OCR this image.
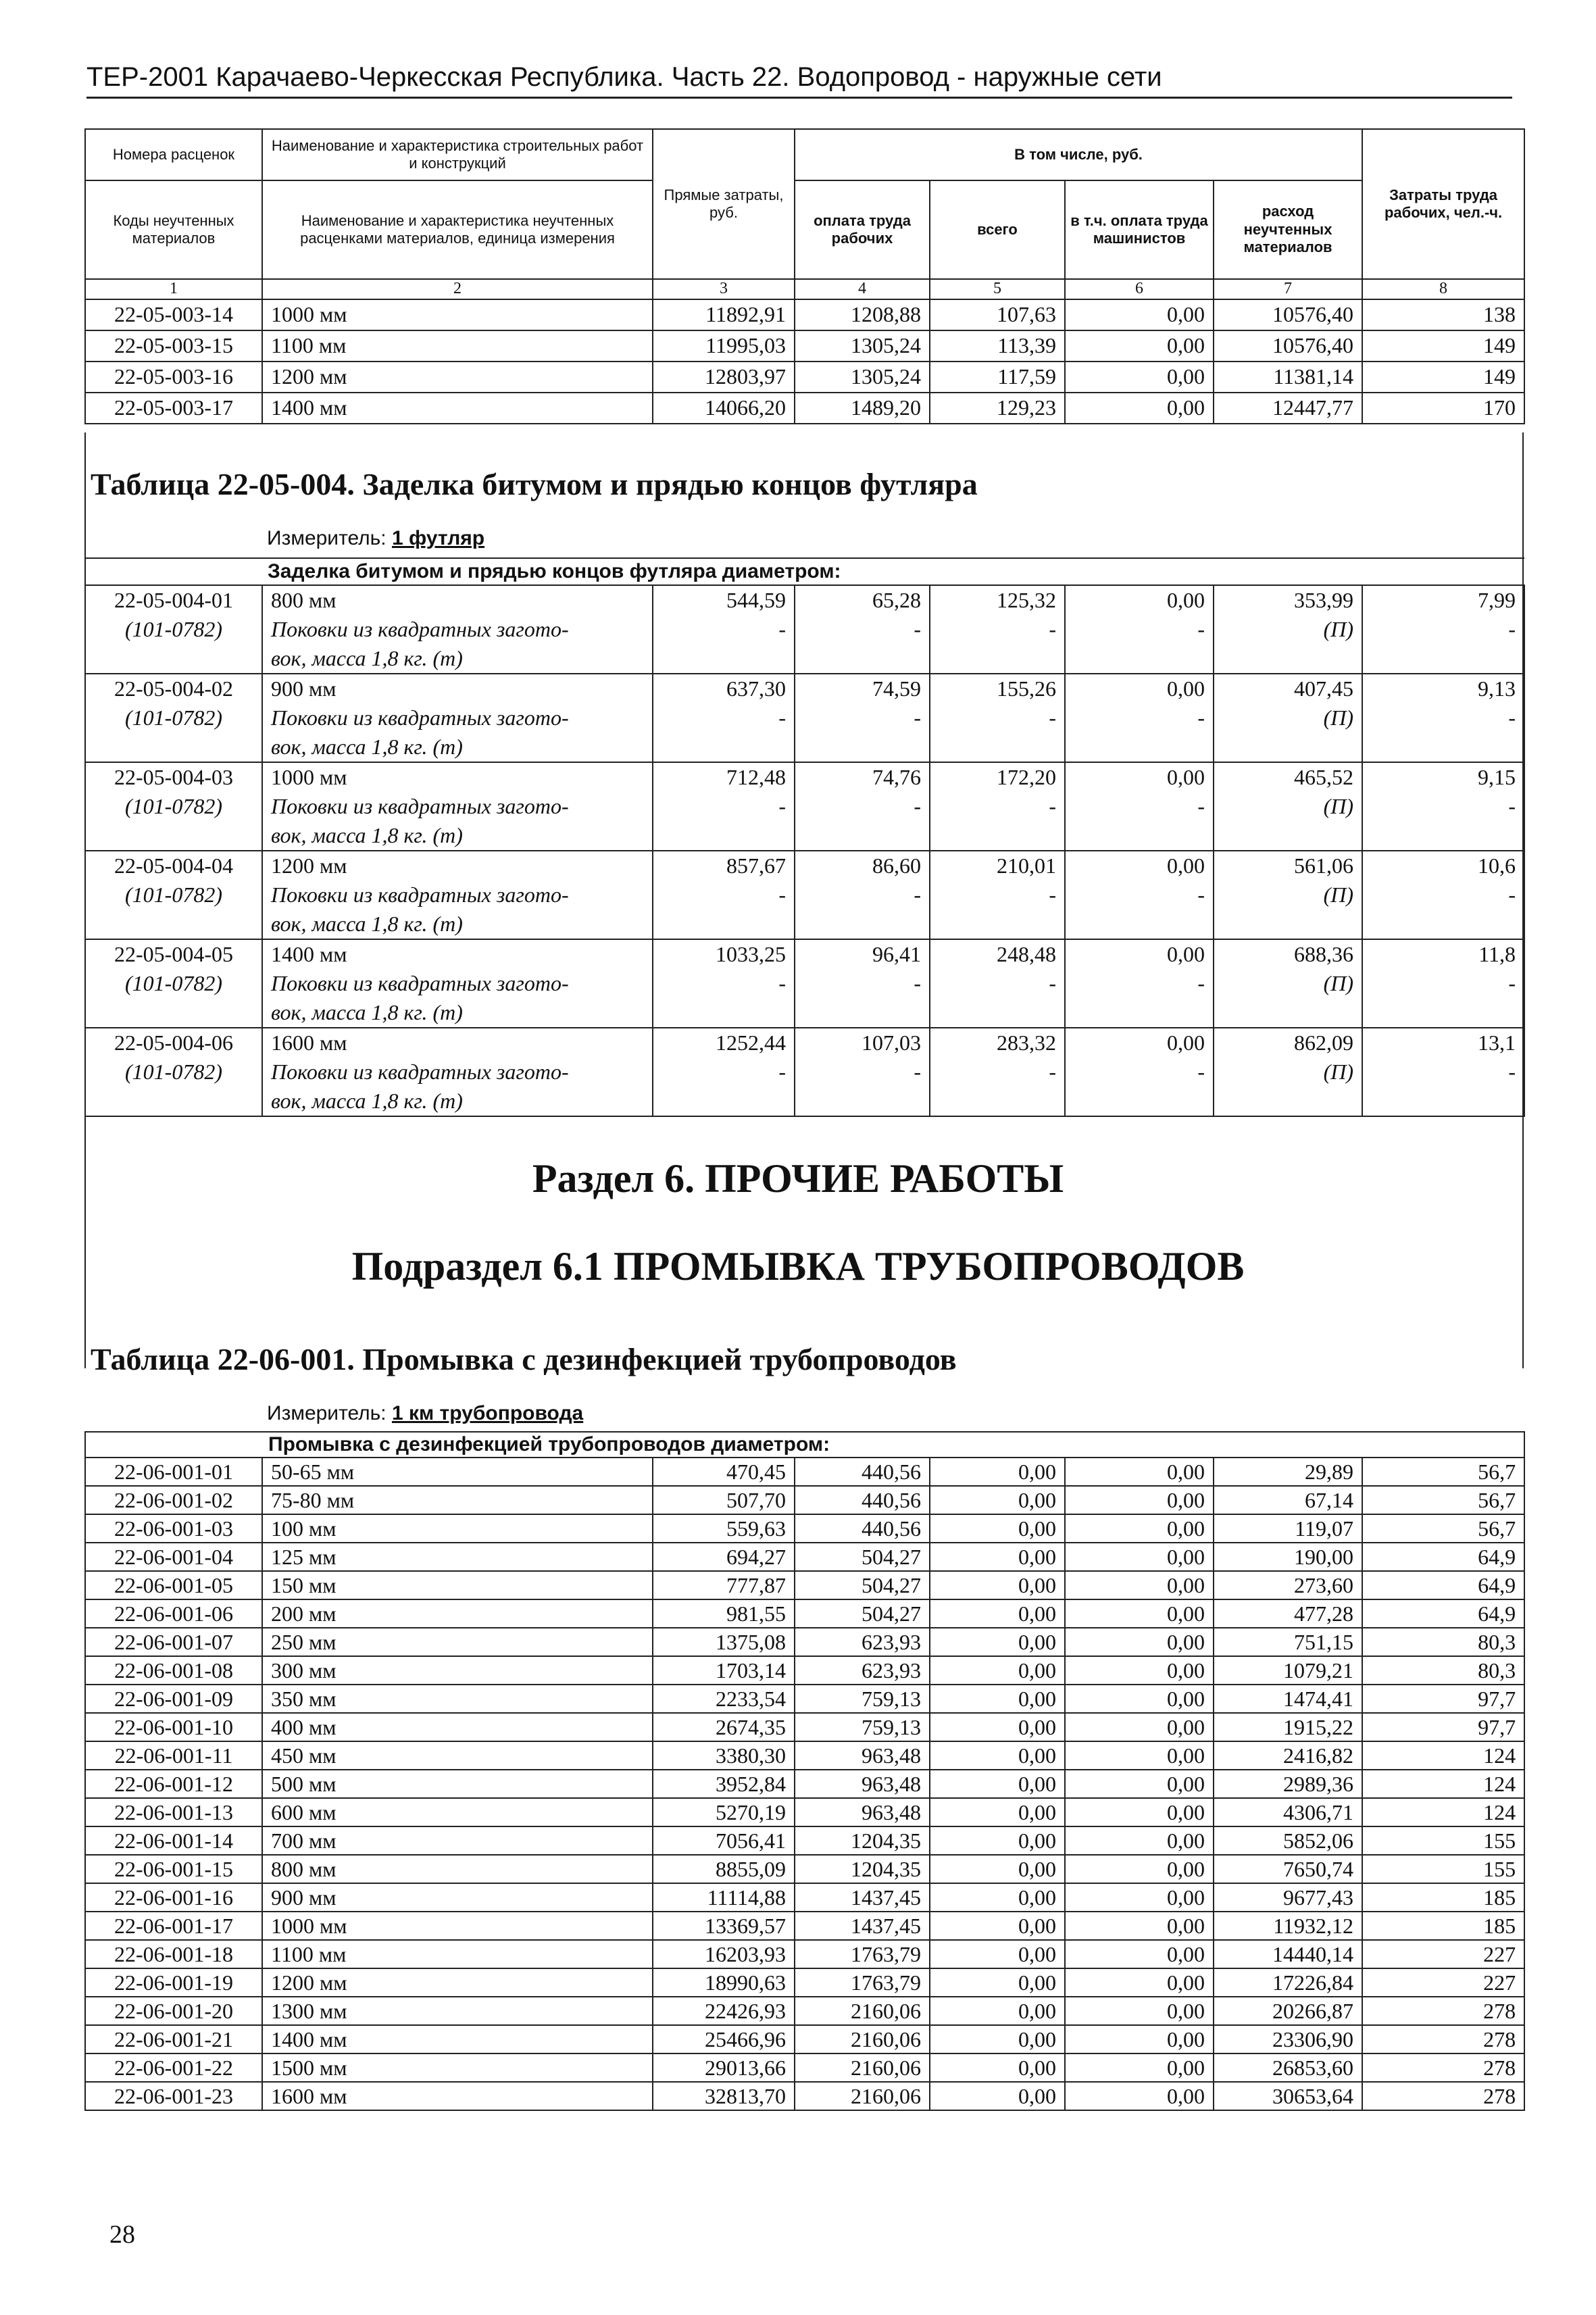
ТЕР-2001 Карачаево-Черкесская Республика. Часть 22. Водопровод - наружные сети
Номера расценок	Наименование и характеристика строительных работ и конструкций	Прямые затраты, руб.	В том числе, руб.				Затраты труда рабочих, чел.-ч.
Коды неучтенных материалов	Наименование и характеристика неучтенных расценками материалов, единица измерения		оплата труда рабочих	всего	в т.ч. оплата труда машинистов	расход неучтенных материалов	
1	2	3	4	5	6	7	8
22-05-003-14	1000 мм	11892,91	1208,88	107,63	0,00	10576,40	138
22-05-003-15	1100 мм	11995,03	1305,24	113,39	0,00	10576,40	149
22-05-003-16	1200 мм	12803,97	1305,24	117,59	0,00	11381,14	149
22-05-003-17	1400 мм	14066,20	1489,20	129,23	0,00	12447,77	170
Таблица 22-05-004. Заделка битумом и прядью концов футляра
Измеритель: 1 футляр
Заделка битумом и прядью концов футляра диаметром:							
22-05-004-01	800 мм	544,59	65,28	125,32	0,00	353,99	7,99
(101-0782)	Поковки из квадратных загото-	-	-	-	-	(П)	-
	вок, масса 1,8 кг. (т)						
22-05-004-02	900 мм	637,30	74,59	155,26	0,00	407,45	9,13
(101-0782)	Поковки из квадратных загото-	-	-	-	-	(П)	-
	вок, масса 1,8 кг. (т)						
22-05-004-03	1000 мм	712,48	74,76	172,20	0,00	465,52	9,15
(101-0782)	Поковки из квадратных загото-	-	-	-	-	(П)	-
	вок, масса 1,8 кг. (т)						
22-05-004-04	1200 мм	857,67	86,60	210,01	0,00	561,06	10,6
(101-0782)	Поковки из квадратных загото-	-	-	-	-	(П)	-
	вок, масса 1,8 кг. (т)						
22-05-004-05	1400 мм	1033,25	96,41	248,48	0,00	688,36	11,8
(101-0782)	Поковки из квадратных загото-	-	-	-	-	(П)	-
	вок, масса 1,8 кг. (т)						
22-05-004-06	1600 мм	1252,44	107,03	283,32	0,00	862,09	13,1
(101-0782)	Поковки из квадратных загото-	-	-	-	-	(П)	-
	вок, масса 1,8 кг. (т)						
Раздел 6. ПРОЧИЕ РАБОТЫ
Подраздел 6.1 ПРОМЫВКА ТРУБОПРОВОДОВ
Таблица 22-06-001. Промывка с дезинфекцией трубопроводов
Измеритель: 1 км трубопровода
Промывка с дезинфекцией трубопроводов диаметром:							
22-06-001-01	50-65 мм	470,45	440,56	0,00	0,00	29,89	56,7
22-06-001-02	75-80 мм	507,70	440,56	0,00	0,00	67,14	56,7
22-06-001-03	100 мм	559,63	440,56	0,00	0,00	119,07	56,7
22-06-001-04	125 мм	694,27	504,27	0,00	0,00	190,00	64,9
22-06-001-05	150 мм	777,87	504,27	0,00	0,00	273,60	64,9
22-06-001-06	200 мм	981,55	504,27	0,00	0,00	477,28	64,9
22-06-001-07	250 мм	1375,08	623,93	0,00	0,00	751,15	80,3
22-06-001-08	300 мм	1703,14	623,93	0,00	0,00	1079,21	80,3
22-06-001-09	350 мм	2233,54	759,13	0,00	0,00	1474,41	97,7
22-06-001-10	400 мм	2674,35	759,13	0,00	0,00	1915,22	97,7
22-06-001-11	450 мм	3380,30	963,48	0,00	0,00	2416,82	124
22-06-001-12	500 мм	3952,84	963,48	0,00	0,00	2989,36	124
22-06-001-13	600 мм	5270,19	963,48	0,00	0,00	4306,71	124
22-06-001-14	700 мм	7056,41	1204,35	0,00	0,00	5852,06	155
22-06-001-15	800 мм	8855,09	1204,35	0,00	0,00	7650,74	155
22-06-001-16	900 мм	11114,88	1437,45	0,00	0,00	9677,43	185
22-06-001-17	1000 мм	13369,57	1437,45	0,00	0,00	11932,12	185
22-06-001-18	1100 мм	16203,93	1763,79	0,00	0,00	14440,14	227
22-06-001-19	1200 мм	18990,63	1763,79	0,00	0,00	17226,84	227
22-06-001-20	1300 мм	22426,93	2160,06	0,00	0,00	20266,87	278
22-06-001-21	1400 мм	25466,96	2160,06	0,00	0,00	23306,90	278
22-06-001-22	1500 мм	29013,66	2160,06	0,00	0,00	26853,60	278
22-06-001-23	1600 мм	32813,70	2160,06	0,00	0,00	30653,64	278
28
